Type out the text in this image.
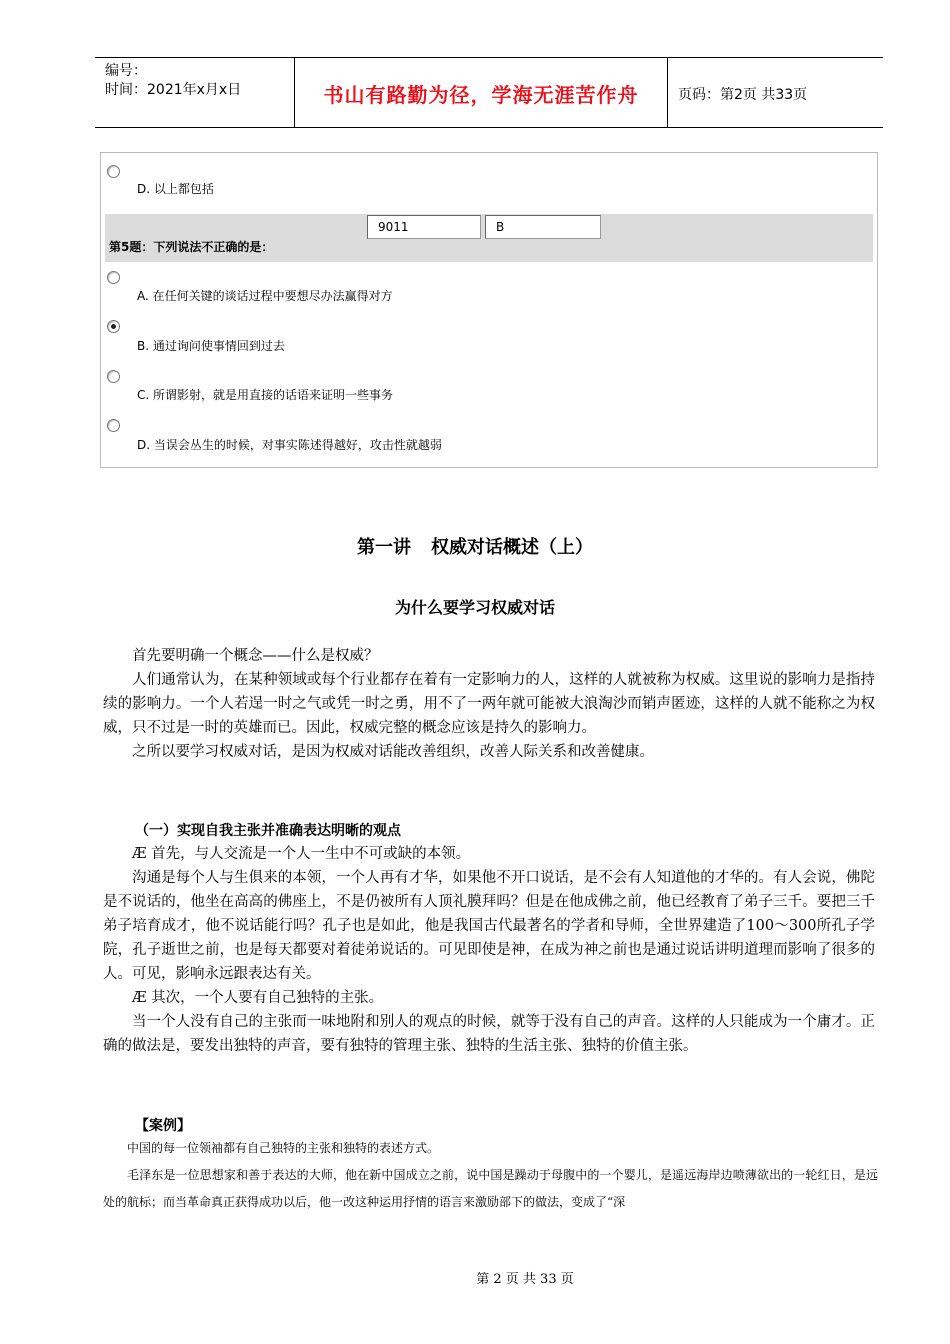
编号：
时间：2021年x月x日	书山有路勤为径，学海无涯苦作舟	页码：第2页 共33页
D. 以上都包括
第5题：下列说法不正确的是：
9011	B
A. 在任何关键的谈话过程中要想尽办法赢得对方
B. 通过询问使事情回到过去
C. 所谓影射，就是用直接的话语来证明一些事务
D. 当误会丛生的时候，对事实陈述得越好，攻击性就越弱
第一讲 权威对话概述（上）
为什么要学习权威对话

首先要明确一个概念——什么是权威？

人们通常认为，在某种领域或每个行业都存在着有一定影响力的人，这样的人就被称为权威。这里说的影响力是指持续的影响力。一个人若逞一时之气或凭一时之勇，用不了一两年就可能被大浪淘沙而销声匿迹，这样的人就不能称之为权威，只不过是一时的英雄而已。因此，权威完整的概念应该是持久的影响力。

之所以要学习权威对话，是因为权威对话能改善组织，改善人际关系和改善健康。

（一）实现自我主张并准确表达明晰的观点

Æ 首先，与人交流是一个人一生中不可或缺的本领。

沟通是每个人与生俱来的本领，一个人再有才华，如果他不开口说话，是不会有人知道他的才华的。有人会说，佛陀是不说话的，他坐在高高的佛座上，不是仍被所有人顶礼膜拜吗？但是在他成佛之前，他已经教育了弟子三千。要把三千弟子培育成才，他不说话能行吗？孔子也是如此，他是我国古代最著名的学者和导师，全世界建造了100～300所孔子学院，孔子逝世之前，也是每天都要对着徒弟说话的。可见即使是神，在成为神之前也是通过说话讲明道理而影响了很多的人。可见，影响永远跟表达有关。

Æ 其次，一个人要有自己独特的主张。

当一个人没有自己的主张而一味地附和别人的观点的时候，就等于没有自己的声音。这样的人只能成为一个庸才。正确的做法是，要发出独特的声音，要有独特的管理主张、独特的生活主张、独特的价值主张。

【案例】

中国的每一位领袖都有自己独特的主张和独特的表述方式。

毛泽东是一位思想家和善于表达的大师，他在新中国成立之前，说中国是躁动于母腹中的一个婴儿，是遥远海岸边喷薄欲出的一轮红日，是远处的航标；而当革命真正获得成功以后，他一改这种运用抒情的语言来激励部下的做法，变成了“深

第 2 页 共 33 页
